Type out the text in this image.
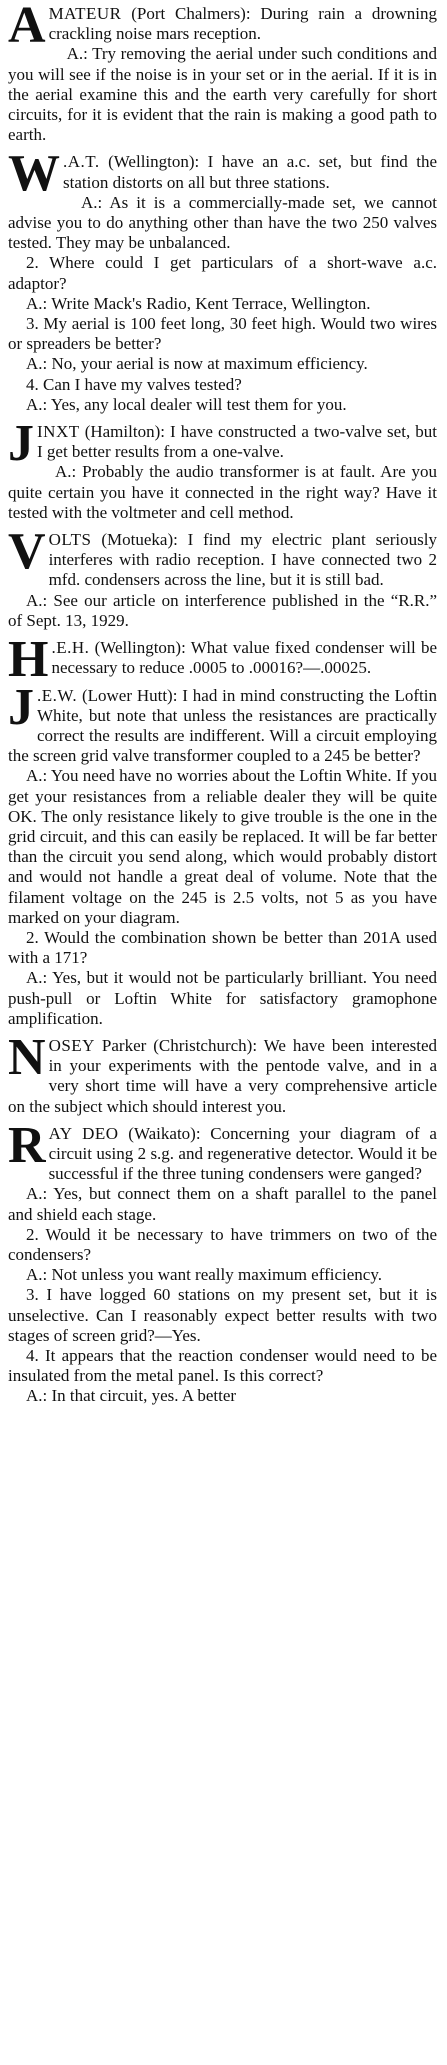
AMATEUR (Port Chalmers): During rain a drowning crackling noise mars reception.

A.: Try removing the aerial under such conditions and you will see if the noise is in your set or in the aerial. If it is in the aerial examine this and the earth very carefully for short circuits, for it is evident that the rain is making a good path to earth.

W .A.T. (Wellington): I have an a.c. set, but find the station distorts on all but three stations.

A.: As it is a commercially-made set, we cannot advise you to do anything other than have the two 250 valves tested. They may be unbalanced.

2. Where could I get particulars of a short-wave a.c. adaptor?

A.: Write Mack's Radio, Kent Terrace, Wellington.

3. My aerial is 100 feet long, 30 feet high. Would two wires or spreaders be better?

A.: No, your aerial is now at maximum efficiency.

4. Can I have my valves tested?

A.: Yes, any local dealer will test them for you.

JINXT (Hamilton): I have constructed a two-valve set, but I get better results from a one-valve.

A.: Probably the audio transformer is at fault. Are you quite certain you have it connected in the right way? Have it tested with the voltmeter and cell method.

VOLTS (Motueka): I find my electric plant seriously interferes with radio reception. I have connected two 2 mfd. condensers across the line, but it is still bad.

A.: See our article on interference published in the “R.R.” of Sept. 13, 1929.

H .E.H. (Wellington): What value fixed condenser will be necessary to reduce .0005 to .00016?—.00025.

J .E.W. (Lower Hutt): I had in mind constructing the Loftin White, but note that unless the resistances are practically correct the results are indifferent. Will a circuit employing the screen grid valve transformer coupled to a 245 be better?

A.: You need have no worries about the Loftin White. If you get your resistances from a reliable dealer they will be quite OK. The only resistance likely to give trouble is the one in the grid circuit, and this can easily be replaced. It will be far better than the circuit you send along, which would probably distort and would not handle a great deal of volume. Note that the filament voltage on the 245 is 2.5 volts, not 5 as you have marked on your diagram.

2. Would the combination shown be better than 201A used with a 171?

A.: Yes, but it would not be particularly brilliant. You need push-pull or Loftin White for satisfactory gramophone amplification.

NOSEY Parker (Christchurch): We have been interested in your experiments with the pentode valve, and in a very short time will have a very comprehensive article on the subject which should interest you.

RAY DEO (Waikato): Concerning your diagram of a circuit using 2 s.g. and regenerative detector. Would it be successful if the three tuning condensers were ganged?

A.: Yes, but connect them on a shaft parallel to the panel and shield each stage.

2. Would it be necessary to have trimmers on two of the condensers?

A.: Not unless you want really maximum efficiency.

3. I have logged 60 stations on my present set, but it is unselective. Can I reasonably expect better results with two stages of screen grid?—Yes.

4. It appears that the reaction condenser would need to be insulated from the metal panel. Is this correct?

A.: In that circuit, yes. A better
